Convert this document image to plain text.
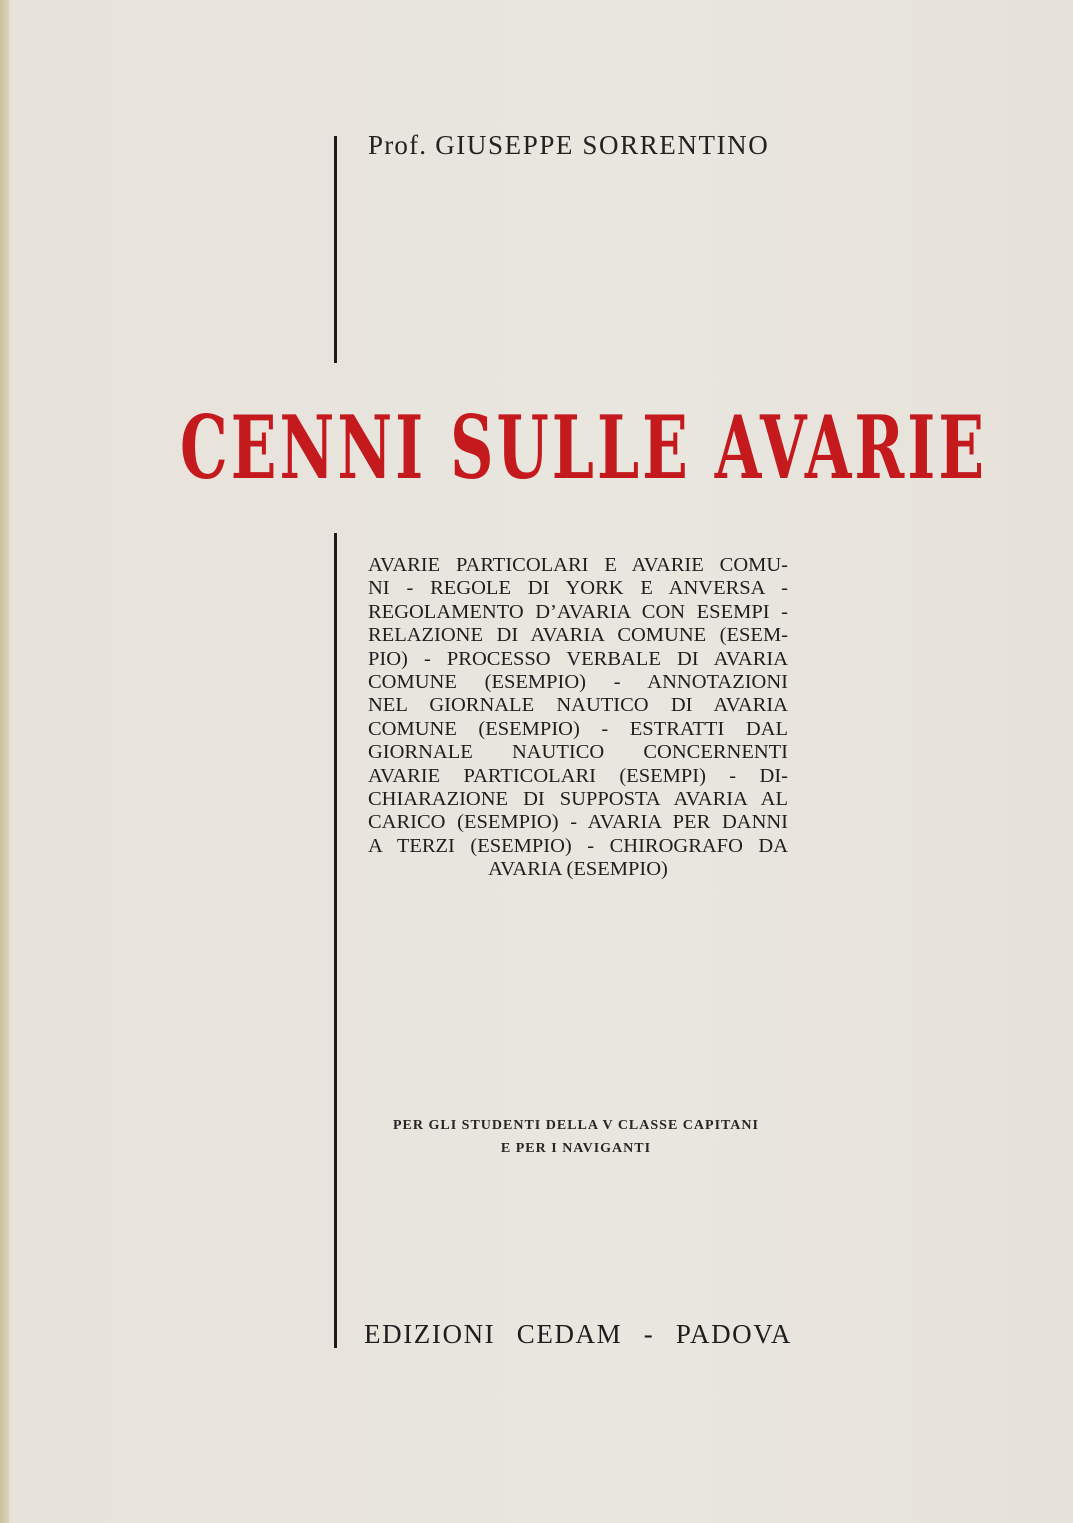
Prof. GIUSEPPE SORRENTINO
CENNI SULLE AVARIE
AVARIE PARTICOLARI E AVARIE COMU-
NI - REGOLE DI YORK E ANVERSA -
REGOLAMENTO D’AVARIA CON ESEMPI -
RELAZIONE DI AVARIA COMUNE (ESEM-
PIO) - PROCESSO VERBALE DI AVARIA
COMUNE (ESEMPIO) - ANNOTAZIONI
NEL GIORNALE NAUTICO DI AVARIA
COMUNE (ESEMPIO) - ESTRATTI DAL
GIORNALE NAUTICO CONCERNENTI
AVARIE PARTICOLARI (ESEMPI) - DI-
CHIARAZIONE DI SUPPOSTA AVARIA AL
CARICO (ESEMPIO) - AVARIA PER DANNI
A TERZI (ESEMPIO) - CHIROGRAFO DA
AVARIA (ESEMPIO)
PER GLI STUDENTI DELLA V CLASSE CAPITANI
E PER I NAVIGANTI
EDIZIONI CEDAM - PADOVA
